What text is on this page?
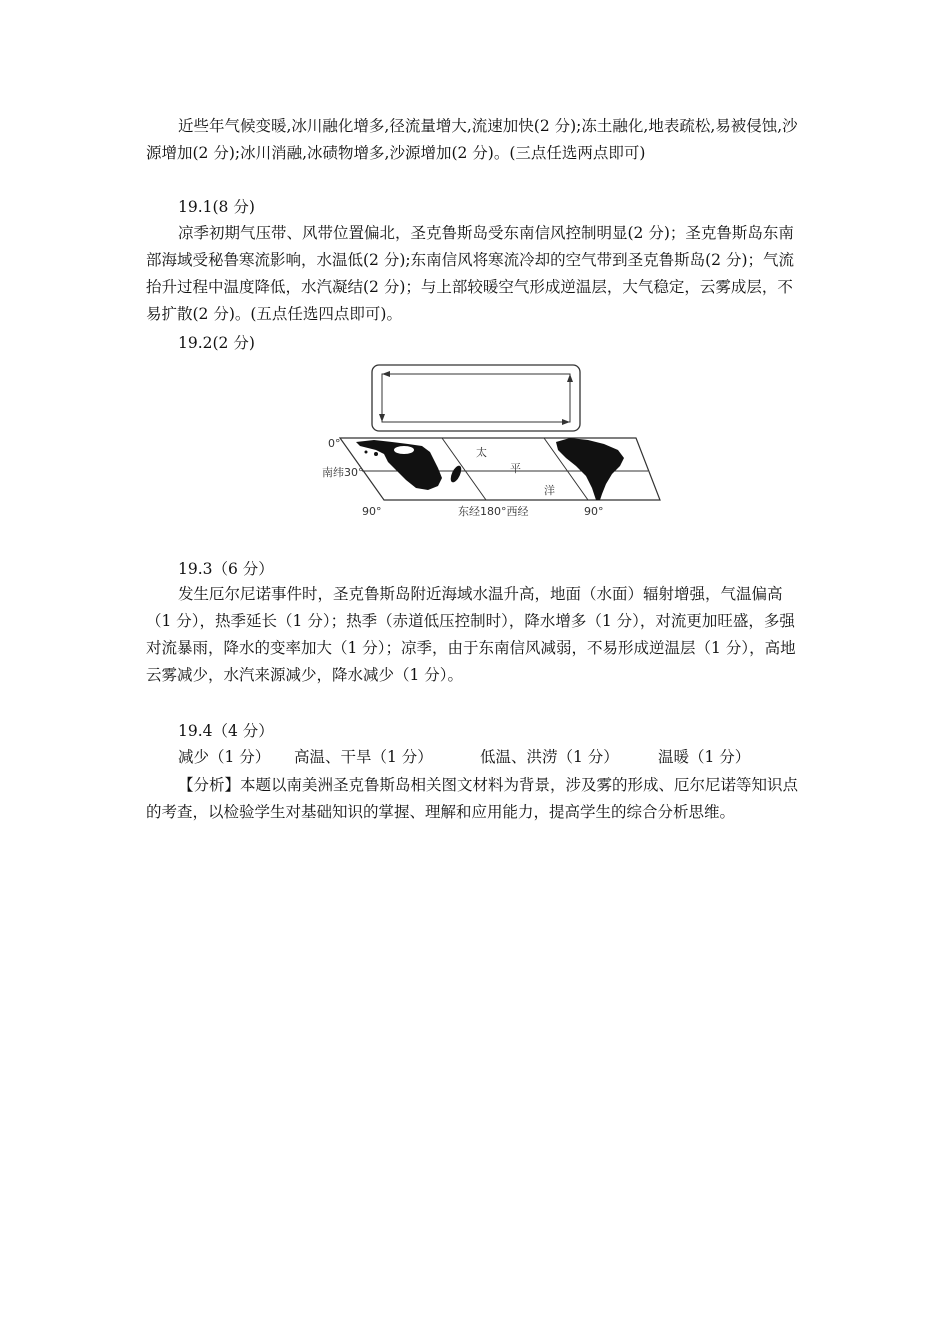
近些年气候变暖,冰川融化增多,径流量增大,流速加快(2 分);冻土融化,地表疏松,易被侵蚀,沙源增加(2 分);冰川消融,冰碛物增多,沙源增加(2 分)。(三点任选两点即可)

19.1(8 分)

凉季初期气压带、风带位置偏北，圣克鲁斯岛受东南信风控制明显(2 分)；圣克鲁斯岛东南部海域受秘鲁寒流影响，水温低(2 分);东南信风将寒流冷却的空气带到圣克鲁斯岛(2 分)；气流抬升过程中温度降低，水汽凝结(2 分)；与上部较暖空气形成逆温层，大气稳定，云雾成层，不易扩散(2 分)。(五点任选四点即可)。

19.2(2 分)

0°
南纬30°
90°	东经180°西经	90°
太
平
洋

19.3（6 分）

发生厄尔尼诺事件时，圣克鲁斯岛附近海域水温升高，地面（水面）辐射增强，气温偏高（1 分），热季延长（1 分）；热季（赤道低压控制时），降水增多（1 分），对流更加旺盛，多强对流暴雨，降水的变率加大（1 分）；凉季，由于东南信风减弱，不易形成逆温层（1 分），高地云雾减少，水汽来源减少，降水减少（1 分）。

19.4（4 分）

减少（1 分） 高温、干旱（1 分）	低温、洪涝（1 分）	温暖（1 分）

【分析】本题以南美洲圣克鲁斯岛相关图文材料为背景，涉及雾的形成、厄尔尼诺等知识点的考查，以检验学生对基础知识的掌握、理解和应用能力，提高学生的综合分析思维。
